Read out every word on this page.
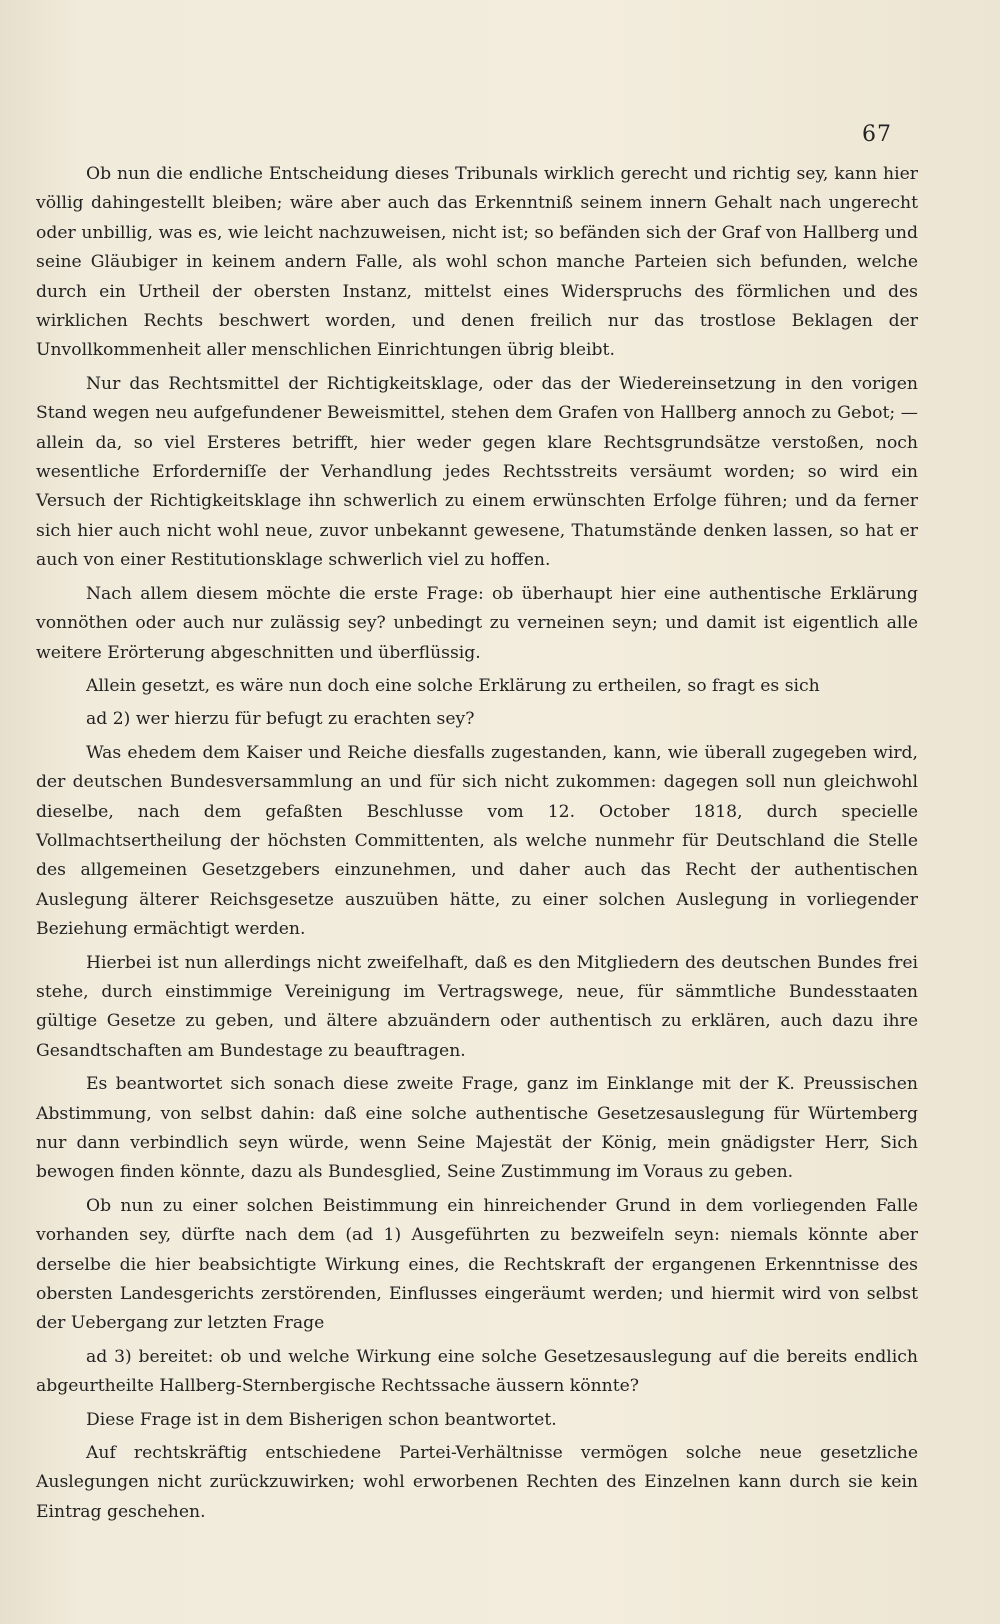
67

Ob nun die endliche Entscheidung dieses Tribunals wirklich gerecht und richtig sey, kann hier völlig dahingestellt bleiben; wäre aber auch das Erkenntniß seinem innern Gehalt nach ungerecht oder unbillig, was es, wie leicht nachzuweisen, nicht ist; so befänden sich der Graf von Hallberg und seine Gläubiger in keinem andern Falle, als wohl schon manche Parteien sich befunden, welche durch ein Urtheil der obersten Instanz, mittelst eines Widerspruchs des förmlichen und des wirklichen Rechts beschwert worden, und denen freilich nur das trostlose Beklagen der Unvollkommenheit aller menschlichen Einrichtungen übrig bleibt.

Nur das Rechtsmittel der Richtigkeitsklage, oder das der Wiedereinsetzung in den vorigen Stand wegen neu aufgefundener Beweismittel, stehen dem Grafen von Hallberg annoch zu Gebot; — allein da, so viel Ersteres betrifft, hier weder gegen klare Rechtsgrundsätze verstoßen, noch wesentliche Erforderniſſe der Verhandlung jedes Rechtsstreits versäumt worden; so wird ein Versuch der Richtigkeitsklage ihn schwerlich zu einem erwünschten Erfolge führen; und da ferner sich hier auch nicht wohl neue, zuvor unbekannt gewesene, Thatumstände denken lassen, so hat er auch von einer Restitutionsklage schwerlich viel zu hoffen.

Nach allem diesem möchte die erste Frage: ob überhaupt hier eine authentische Erklärung vonnöthen oder auch nur zulässig sey? unbedingt zu verneinen seyn; und damit ist eigentlich alle weitere Erörterung abgeschnitten und überflüssig.

Allein gesetzt, es wäre nun doch eine solche Erklärung zu ertheilen, so fragt es sich

ad 2) wer hierzu für befugt zu erachten sey?

Was ehedem dem Kaiser und Reiche diesfalls zugestanden, kann, wie überall zugegeben wird, der deutschen Bundesversammlung an und für sich nicht zukommen: dagegen soll nun gleichwohl dieselbe, nach dem gefaßten Beschlusse vom 12. October 1818, durch specielle Vollmachtsertheilung der höchsten Committenten, als welche nunmehr für Deutschland die Stelle des allgemeinen Gesetzgebers einzunehmen, und daher auch das Recht der authentischen Auslegung älterer Reichsgesetze auszuüben hätte, zu einer solchen Auslegung in vorliegender Beziehung ermächtigt werden.

Hierbei ist nun allerdings nicht zweifelhaft, daß es den Mitgliedern des deutschen Bundes frei stehe, durch einstimmige Vereinigung im Vertragswege, neue, für sämmtliche Bundesstaaten gültige Gesetze zu geben, und ältere abzuändern oder authentisch zu erklären, auch dazu ihre Gesandtschaften am Bundestage zu beauftragen.

Es beantwortet sich sonach diese zweite Frage, ganz im Einklange mit der K. Preussischen Abstimmung, von selbst dahin: daß eine solche authentische Gesetzesauslegung für Würtemberg nur dann verbindlich seyn würde, wenn Seine Majestät der König, mein gnädigster Herr, Sich bewogen finden könnte, dazu als Bundesglied, Seine Zustimmung im Voraus zu geben.

Ob nun zu einer solchen Beistimmung ein hinreichender Grund in dem vorliegenden Falle vorhanden sey, dürfte nach dem (ad 1) Ausgeführten zu bezweifeln seyn: niemals könnte aber derselbe die hier beabsichtigte Wirkung eines, die Rechtskraft der ergangenen Erkenntnisse des obersten Landesgerichts zerstörenden, Einflusses eingeräumt werden; und hiermit wird von selbst der Uebergang zur letzten Frage

ad 3) bereitet: ob und welche Wirkung eine solche Gesetzesauslegung auf die bereits endlich abgeurtheilte Hallberg-Sternbergische Rechtssache äussern könnte?

Diese Frage ist in dem Bisherigen schon beantwortet.

Auf rechtskräftig entschiedene Partei-Verhältnisse vermögen solche neue gesetzliche Auslegungen nicht zurückzuwirken; wohl erworbenen Rechten des Einzelnen kann durch sie kein Eintrag geschehen.
